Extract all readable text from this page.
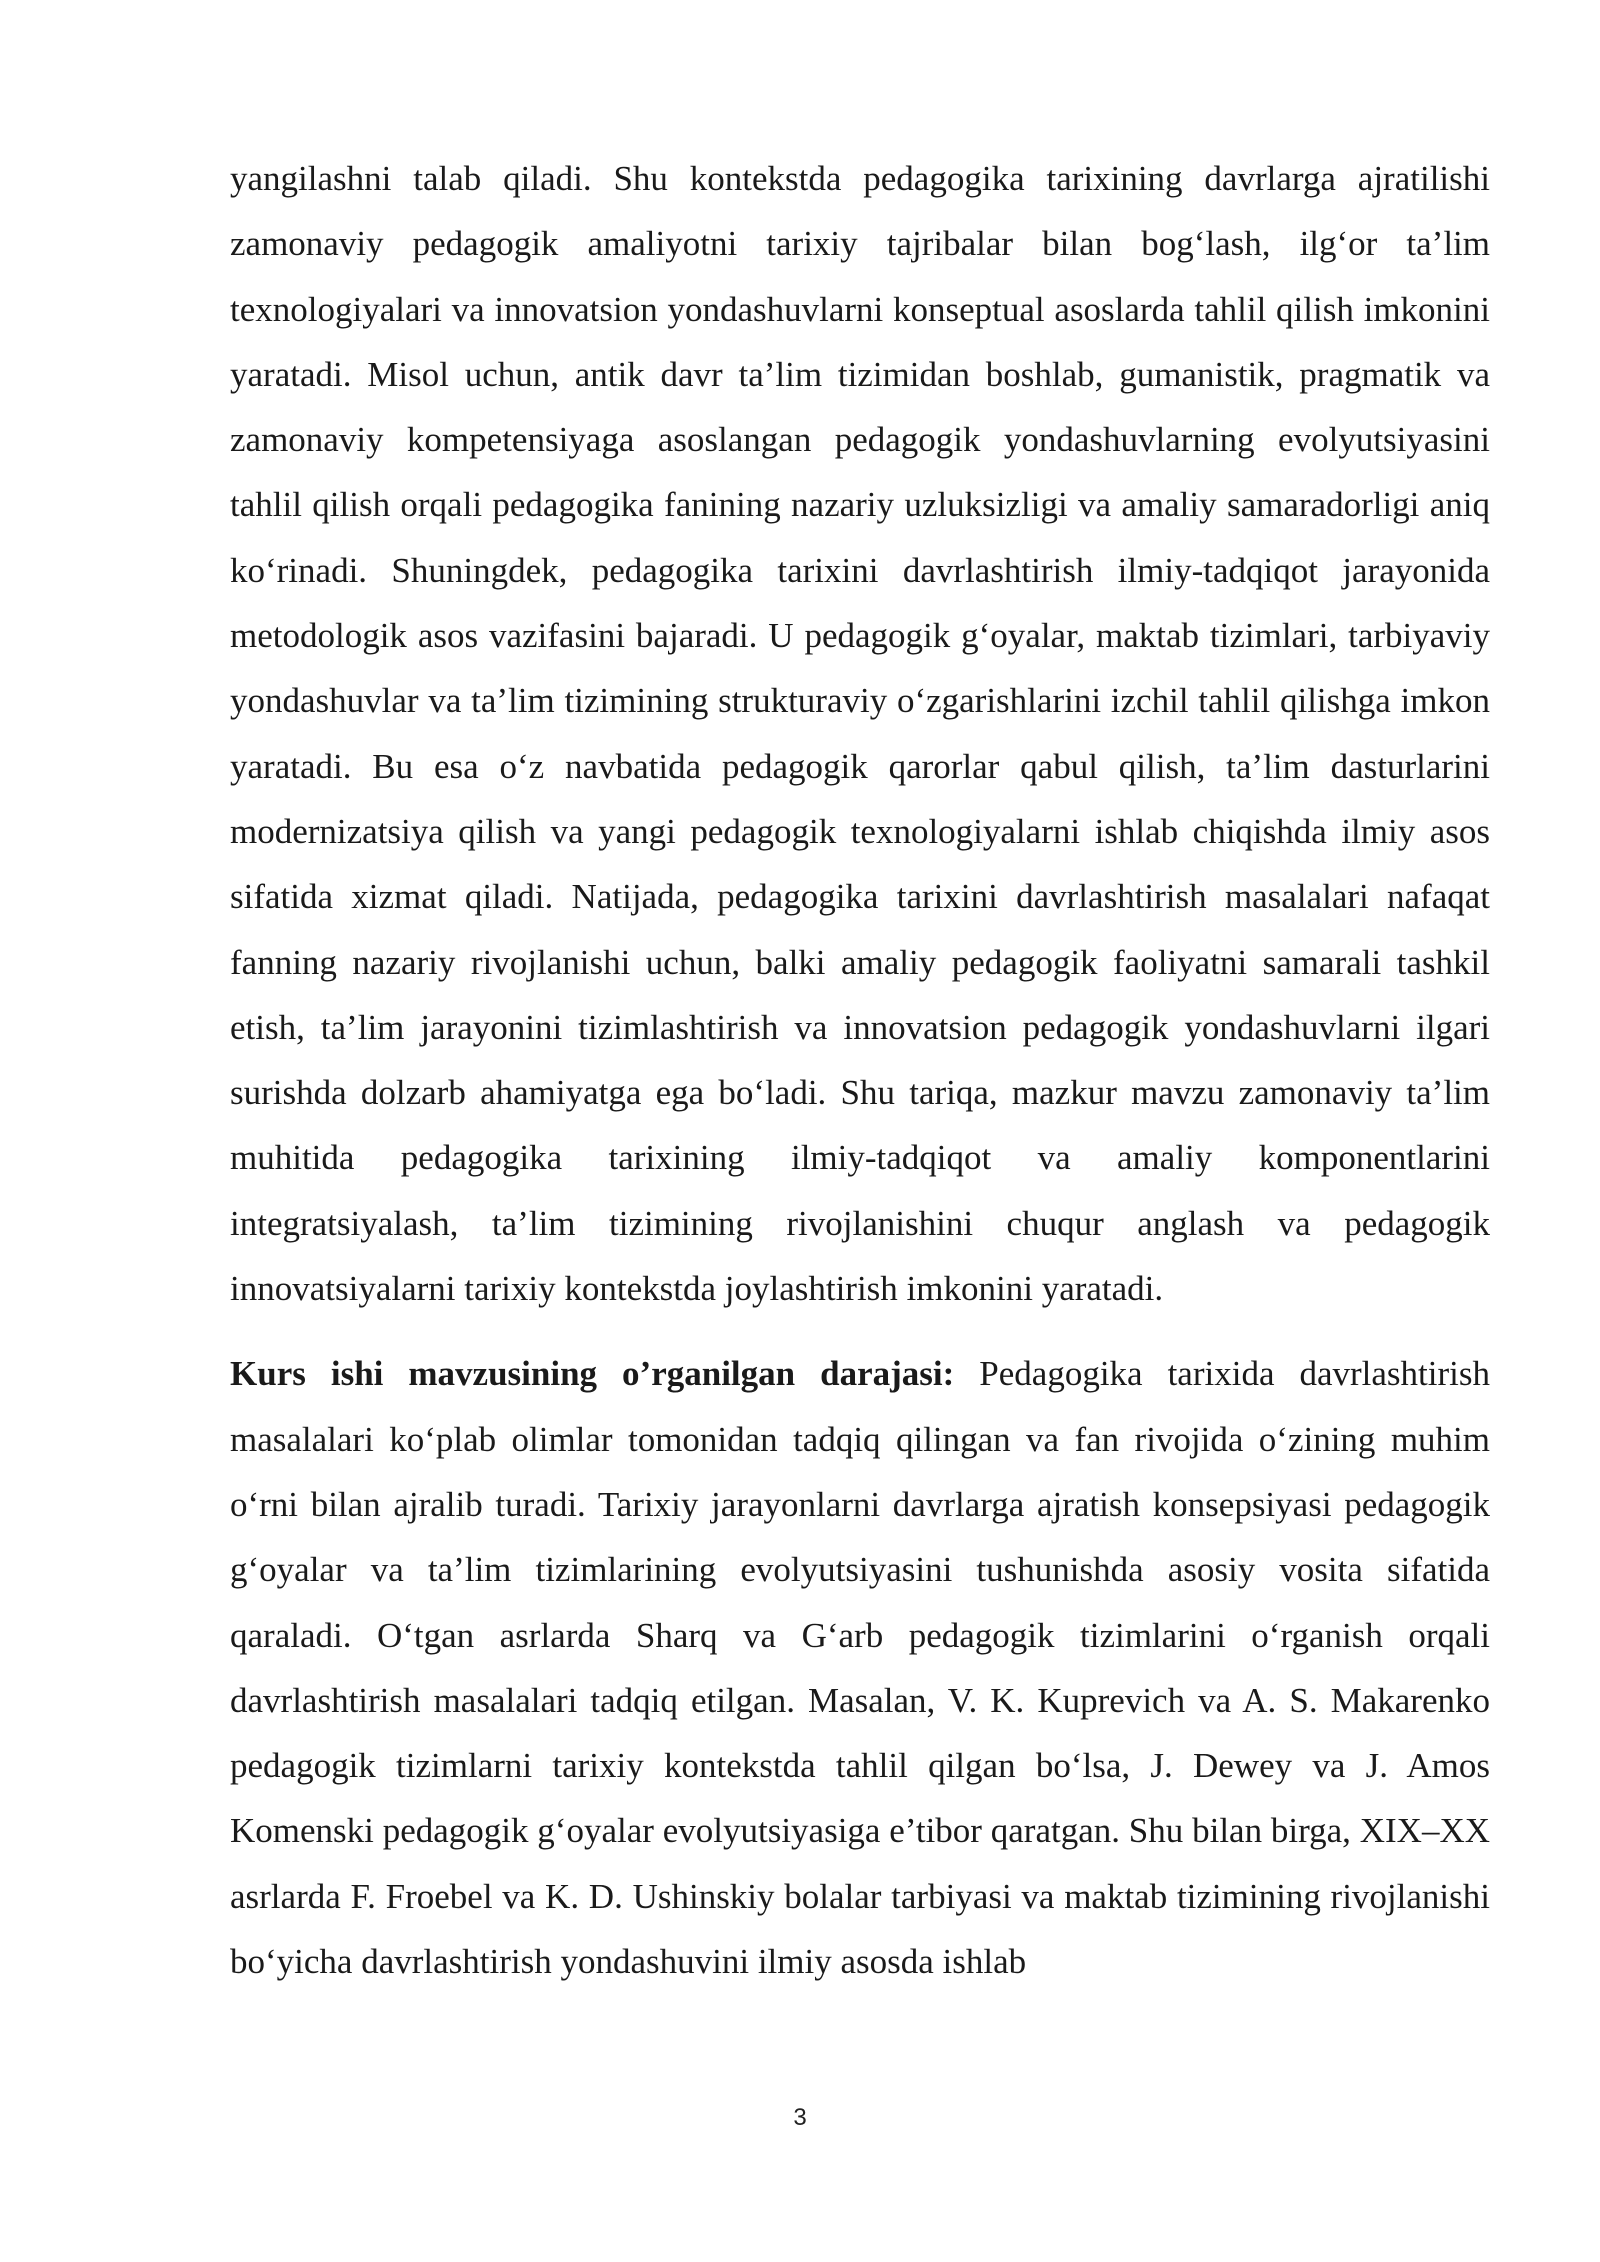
yangilashni talab qiladi. Shu kontekstda pedagogika tarixining davrlarga ajratilishi zamonaviy pedagogik amaliyotni tarixiy tajribalar bilan bog‘lash, ilg‘or ta’lim texnologiyalari va innovatsion yondashuvlarni konseptual asoslarda tahlil qilish imkonini yaratadi. Misol uchun, antik davr ta’lim tizimidan boshlab, gumanistik, pragmatik va zamonaviy kompetensiyaga asoslangan pedagogik yondashuvlarning evolyutsiyasini tahlil qilish orqali pedagogika fanining nazariy uzluksizligi va amaliy samaradorligi aniq ko‘rinadi. Shuningdek, pedagogika tarixini davrlashtirish ilmiy-tadqiqot jarayonida metodologik asos vazifasini bajaradi. U pedagogik g‘oyalar, maktab tizimlari, tarbiyaviy yondashuvlar va ta’lim tizimining strukturaviy o‘zgarishlarini izchil tahlil qilishga imkon yaratadi. Bu esa o‘z navbatida pedagogik qarorlar qabul qilish, ta’lim dasturlarini modernizatsiya qilish va yangi pedagogik texnologiyalarni ishlab chiqishda ilmiy asos sifatida xizmat qiladi. Natijada, pedagogika tarixini davrlashtirish masalalari nafaqat fanning nazariy rivojlanishi uchun, balki amaliy pedagogik faoliyatni samarali tashkil etish, ta’lim jarayonini tizimlashtirish va innovatsion pedagogik yondashuvlarni ilgari surishda dolzarb ahamiyatga ega bo‘ladi. Shu tariqa, mazkur mavzu zamonaviy ta’lim muhitida pedagogika tarixining ilmiy-tadqiqot va amaliy komponentlarini integratsiyalash, ta’lim tizimining rivojlanishini chuqur anglash va pedagogik innovatsiyalarni tarixiy kontekstda joylashtirish imkonini yaratadi.

Kurs ishi mavzusining o’rganilgan darajasi: Pedagogika tarixida davrlashtirish masalalari ko‘plab olimlar tomonidan tadqiq qilingan va fan rivojida o‘zining muhim o‘rni bilan ajralib turadi. Tarixiy jarayonlarni davrlarga ajratish konsepsiyasi pedagogik g‘oyalar va ta’lim tizimlarining evolyutsiyasini tushunishda asosiy vosita sifatida qaraladi. O‘tgan asrlarda Sharq va G‘arb pedagogik tizimlarini o‘rganish orqali davrlashtirish masalalari tadqiq etilgan. Masalan, V. K. Kuprevich va A. S. Makarenko pedagogik tizimlarni tarixiy kontekstda tahlil qilgan bo‘lsa, J. Dewey va J. Amos Komenski pedagogik g‘oyalar evolyutsiyasiga e’tibor qaratgan. Shu bilan birga, XIX–XX asrlarda F. Froebel va K. D. Ushinskiy bolalar tarbiyasi va maktab tizimining rivojlanishi bo‘yicha davrlashtirish yondashuvini ilmiy asosda ishlab

3
